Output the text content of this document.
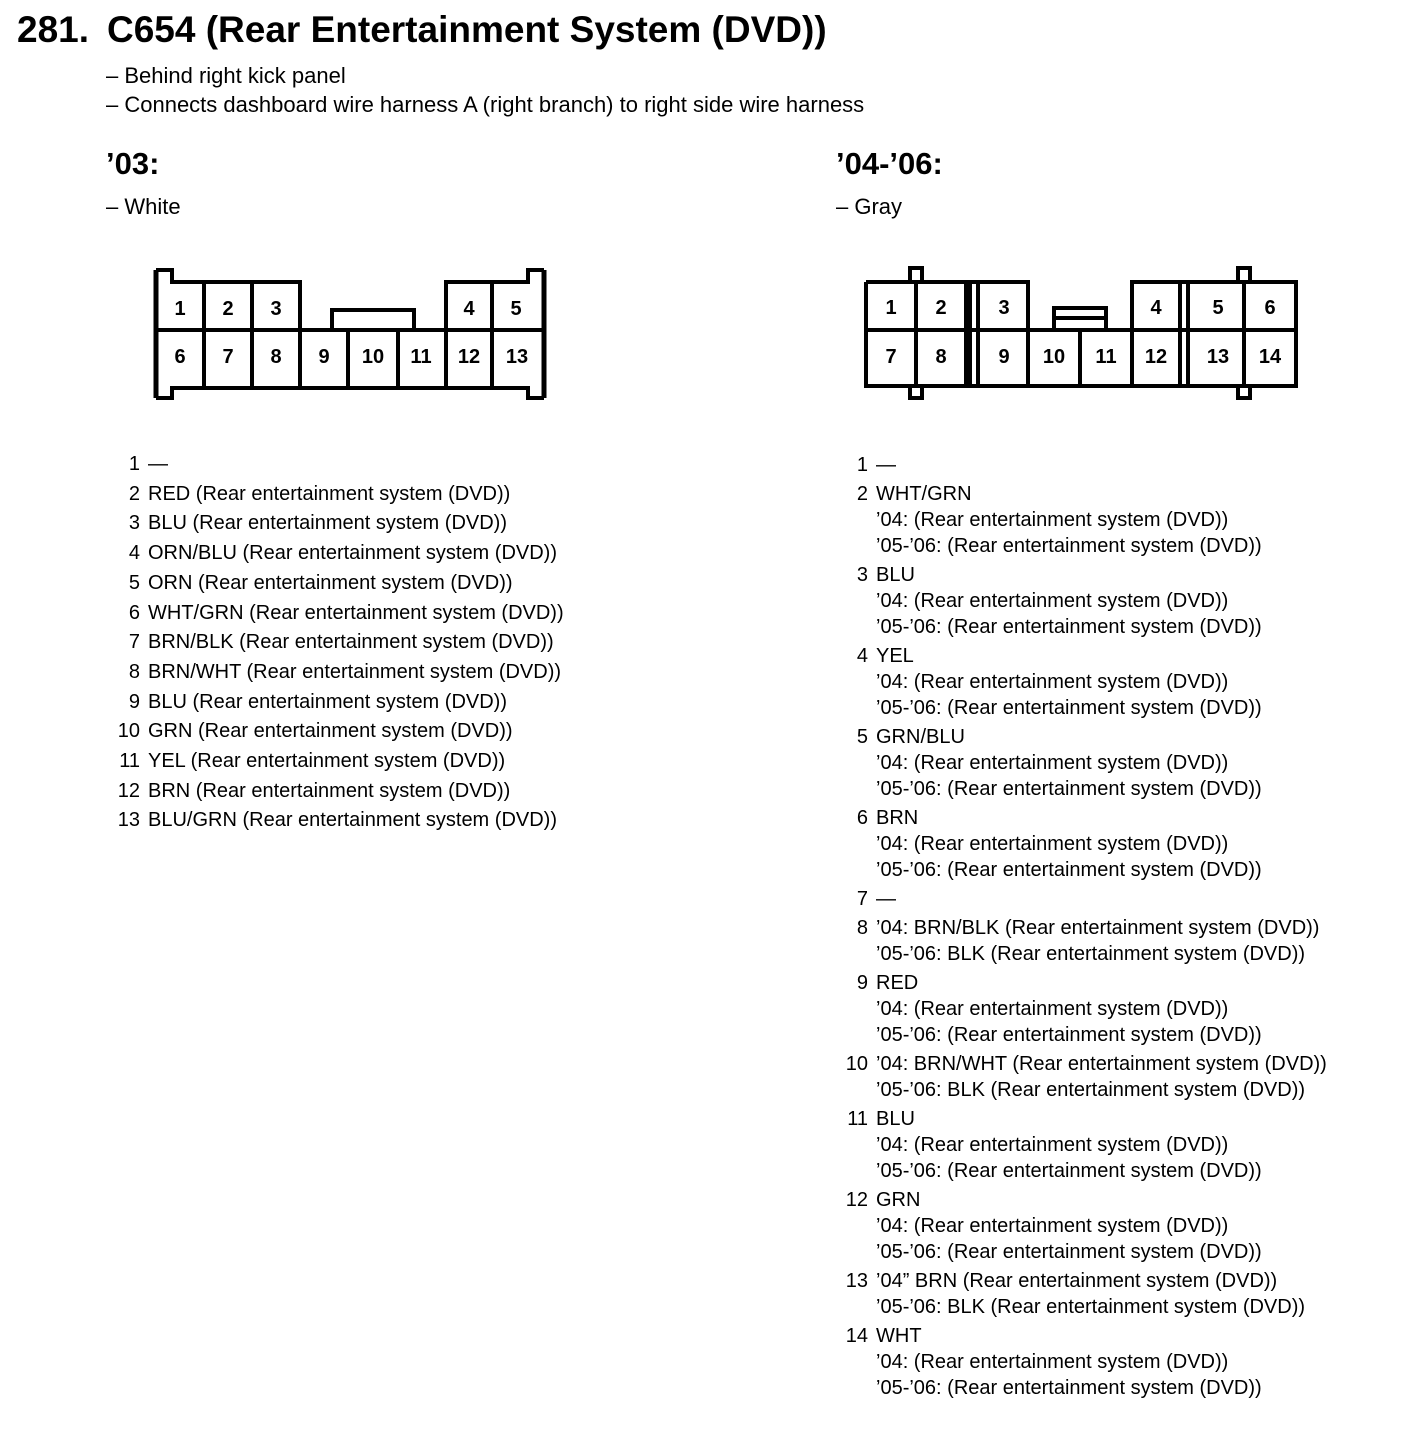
281. C654 (Rear Entertainment System (DVD))
– Behind right kick panel
– Connects dashboard wire harness A (right branch) to right side wire harness
’03:
– White
1 2 3	4 5
6 7 8 9 10 11 12 13
1 —
2 RED (Rear entertainment system (DVD))
3 BLU (Rear entertainment system (DVD))
4 ORN/BLU (Rear entertainment system (DVD))
5 ORN (Rear entertainment system (DVD))
6 WHT/GRN (Rear entertainment system (DVD))
7 BRN/BLK (Rear entertainment system (DVD))
8 BRN/WHT (Rear entertainment system (DVD))
9 BLU (Rear entertainment system (DVD))
10 GRN (Rear entertainment system (DVD))
11 YEL (Rear entertainment system (DVD))
12 BRN (Rear entertainment system (DVD))
13 BLU/GRN (Rear entertainment system (DVD))
’04-’06:
– Gray
1 2	3	4	5 6
7 8	9 10 11 12 13 14
1 —
2 WHT/GRN
’04: (Rear entertainment system (DVD))
’05-’06: (Rear entertainment system (DVD))
3 BLU
’04: (Rear entertainment system (DVD))
’05-’06: (Rear entertainment system (DVD))
4 YEL
’04: (Rear entertainment system (DVD))
’05-’06: (Rear entertainment system (DVD))
5 GRN/BLU
’04: (Rear entertainment system (DVD))
’05-’06: (Rear entertainment system (DVD))
6 BRN
’04: (Rear entertainment system (DVD))
’05-’06: (Rear entertainment system (DVD))
7 —
8 ’04: BRN/BLK (Rear entertainment system (DVD))
’05-’06: BLK (Rear entertainment system (DVD))
9 RED
’04: (Rear entertainment system (DVD))
’05-’06: (Rear entertainment system (DVD))
10 ’04: BRN/WHT (Rear entertainment system (DVD))
’05-’06: BLK (Rear entertainment system (DVD))
11 BLU
’04: (Rear entertainment system (DVD))
’05-’06: (Rear entertainment system (DVD))
12 GRN
’04: (Rear entertainment system (DVD))
’05-’06: (Rear entertainment system (DVD))
13 ’04” BRN (Rear entertainment system (DVD))
’05-’06: BLK (Rear entertainment system (DVD))
14 WHT
’04: (Rear entertainment system (DVD))
’05-’06: (Rear entertainment system (DVD))
